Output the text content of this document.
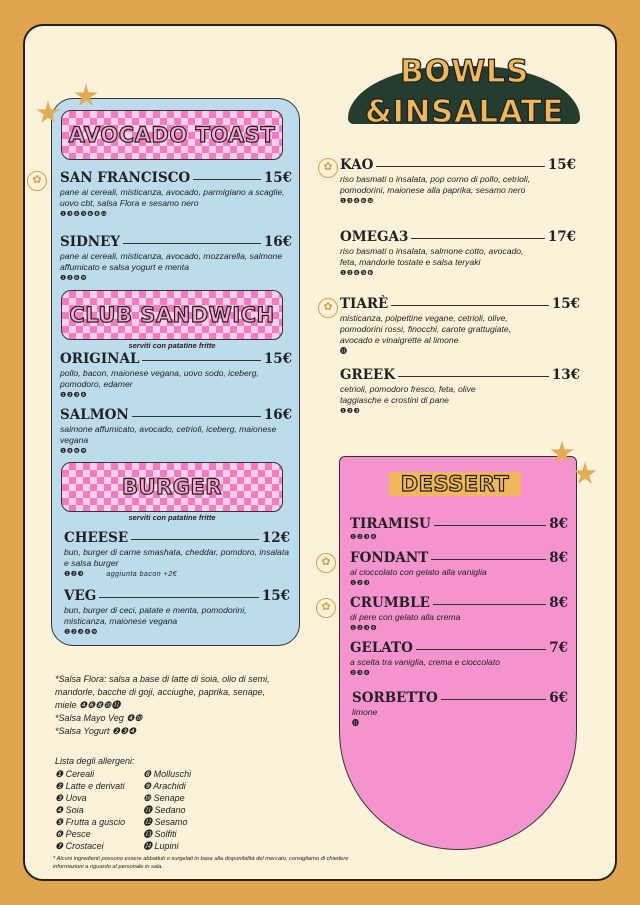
AVOCADO TOAST
CLUB SANDWICH
serviti con patatine fritte
BURGER
serviti con patatine fritte
✿	SAN FRANCISCO	15€
pane ai cereali, misticanza, avocado, parmigiano a scaglie, uovo cbt, salsa Flora e sesamo nero
❶❸❹❺❻❽❿
SIDNEY	16€
pane ai cereali, misticanza, avocado, mozzarella, salmone affumicato e salsa yogurt e menta
❶❷❻❾
ORIGINAL	15€
pollo, bacon, maionese vegana, uovo sodo, iceberg, pomodoro, edamer
❶❷❸❹
SALMON	16€
salmone affumicato, avocado, cetrioli, iceberg, maionese vegana
❶❹❻❾
CHEESE	12€
bun, burger di carne smashata, cheddar, pomdoro, insalata e salsa burger
❶❷❸	aggiunta bacon +2€
VEG	15€
bun, burger di ceci, patate e menta, pomodorini, misticanza, maionese vegana
❶❷❸❹❾
BOWLS
&INSALATE
✿
✿
KAO	15€
riso basmati o insalata, pop corno di pollo, cetrioli, pomodorini, maionese alla paprika, sesamo nero
❶❸❹❻❿
OMEGA3	17€
riso basmati o insalata, salmone cotto, avocado, feta, mandorle tostate e salsa teryaki
❶❷❹❺❻
TIARÈ	15€
misticanza, polpettine vegane, cetrioli, olive, pomodorini rossi, finocchi, carote grattugiate, avocado e vinaigrette al limone
⓫
GREEK	13€
cetrioli, pomodoro fresco, feta, olive taggiasche e crostini di pane
❶❷❸
DESSERT
✿
✿
TIRAMISU	8€
❶❷❸❹
FONDANT	8€
al cioccolato con gelato alla vaniglia
❶❷❸
CRUMBLE	8€
di pere con gelato alla crema
❶❷❸❹
GELATO	7€
a scelta tra vaniglia, crema e cioccolato
❷❸❹
SORBETTO	6€
limone
⓫
*Salsa Flora: salsa a base di latte di soia, olio di semi, mandorle, bacche di goji, acciughe, paprika, senape, miele ❹❻❽❿⓫
*Salsa Mayo Veg ❹❿
*Salsa Yogurt ❷❸❹
Lista degli allergeni:
❶ Cereali
❷ Latte e derivati
❸ Uova
❹ Soia
❺ Frutta a guscio
❻ Pesce
❼ Crostacei
❽ Molluschi
❾ Arachidi
❿ Senape
⓫ Sedano
⓬ Sesamo
⓭ Solfiti
⓮ Lupini
* Alcuni ingredienti possono essere abbattuti o surgelati in base alla disponibilità del mercato, consigliamo di chiedere informazioni a riguardo al personale in sala.
